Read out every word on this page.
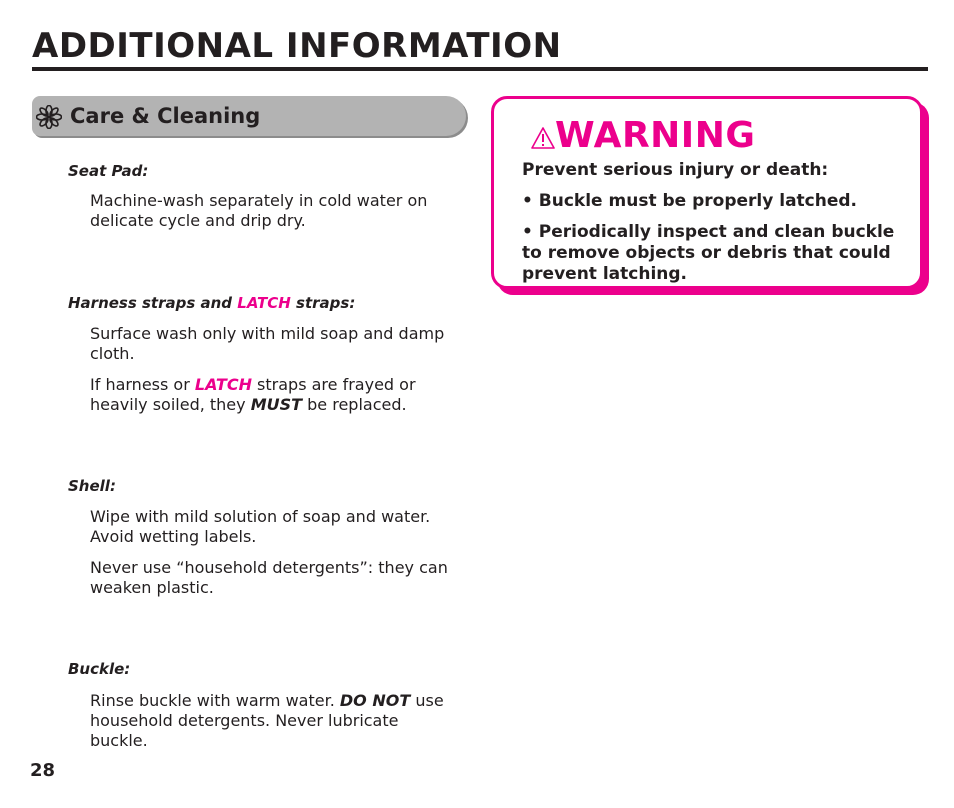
ADDITIONAL INFORMATION
Care & Cleaning
Seat Pad:
Machine-wash separately in cold water on delicate cycle and drip dry.
Harness straps and LATCH straps:
Surface wash only with mild soap and damp cloth.
If harness or LATCH straps are frayed or heavily soiled, they MUST be replaced.
Shell:
Wipe with mild solution of soap and water. Avoid wetting labels.
Never use “household detergents”: they can weaken plastic.
Buckle:
Rinse buckle with warm water. DO NOT use household detergents. Never lubricate buckle.
28
WARNING
Prevent serious injury or death:
• Buckle must be properly latched.
• Periodically inspect and clean buckle to remove objects or debris that could prevent latching.
